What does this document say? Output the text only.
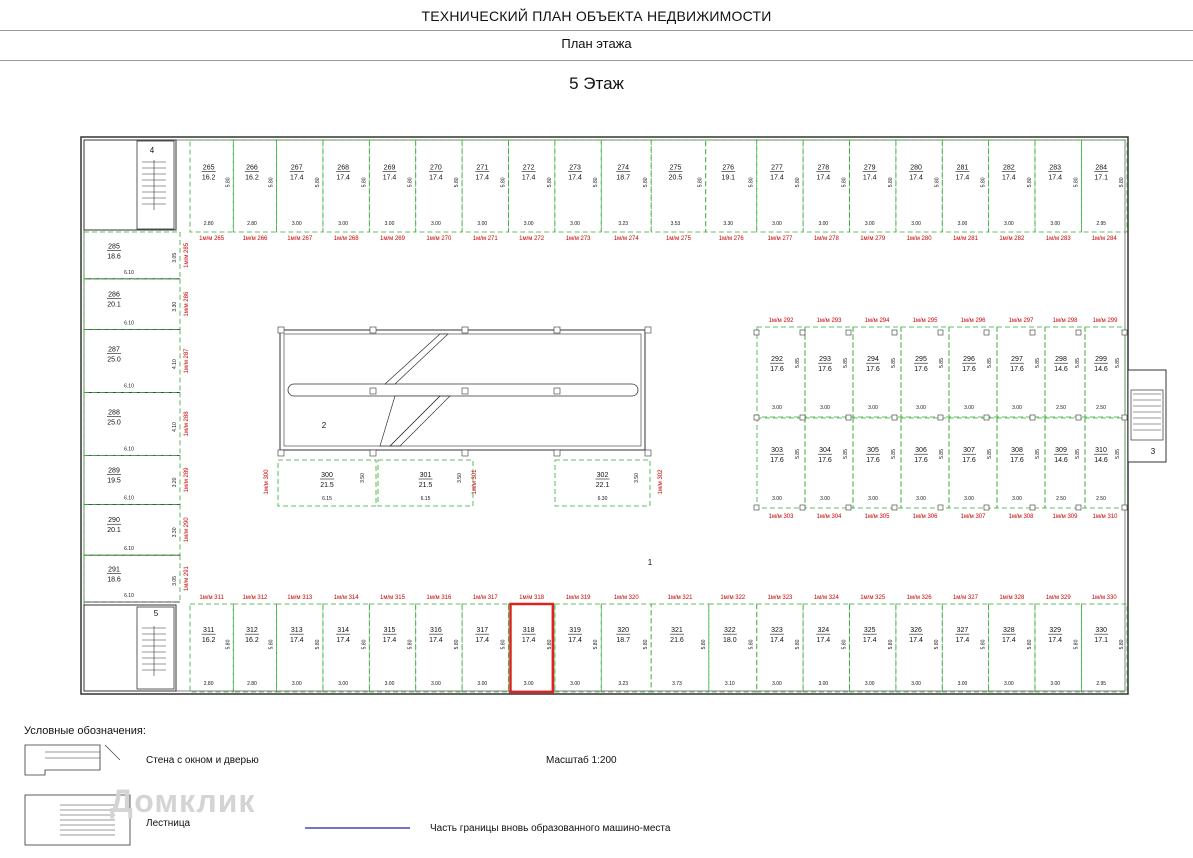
ТЕХНИЧЕСКИЙ ПЛАН ОБЪЕКТА НЕДВИЖИМОСТИ
План этажа
5 Этаж
4
5
3
265
16.2 5.80
2.80
1м/м 265
266
16.2 5.80
2.80
1м/м 266
267
17.4 5.80
3.00
1м/м 267
268
17.4 5.80
3.00
1м/м 268
269
17.4 5.80
3.00
1м/м 269
270
17.4 5.80
3.00
1м/м 270
271
17.4 5.80
3.00
1м/м 271
272
17.4 5.80
3.00
1м/м 272
273
17.4 5.80
3.00
1м/м 273
274
18.7	5.80
3.23
1м/м 274
275
20.5	5.80
3.53
1м/м 275
276
19.1	5.80
3.30
1м/м 276
277
17.4 5.80
3.00
1м/м 277
278
17.4 5.80
3.00
1м/м 278
279
17.4 5.80
3.00
1м/м 279
280
17.4 5.80
3.00
1м/м 280
281
17.4 5.80
3.00
1м/м 281
282
17.4 5.80
3.00
1м/м 282
283
17.4 5.80
3.00
1м/м 283
284
17.1 5.80
2.95
1м/м 284
311
16.2 5.80
2.80
1м/м 311
312
16.2 5.80
2.80
1м/м 312
313
17.4 5.80
3.00
1м/м 313
314
17.4 5.80
3.00
1м/м 314
315
17.4 5.80
3.00
1м/м 315
316
17.4 5.80
3.00
1м/м 316
317
17.4 5.80
3.00
1м/м 317
318
17.4 5.80
3.00
1м/м 318
319
17.4 5.80
3.00
1м/м 319
320
18.7	5.80
3.23
1м/м 320
321
21.6	5.80
3.73
1м/м 321
322
18.0 5.80
3.10
1м/м 322
323
17.4 5.80
3.00
1м/м 323
324
17.4 5.80
3.00
1м/м 324
325
17.4 5.80
3.00
1м/м 325
326
17.4 5.80
3.00
1м/м 326
327
17.4 5.80
3.00
1м/м 327
328
17.4 5.80
3.00
1м/м 328
329
17.4 5.80
3.00
1м/м 329
330
17.1 5.80
2.95
1м/м 330
285
18.6
6.10
3.05 1м/м 285
286
20.1
6.10
3.30 1м/м 286
287
25.0
6.10
4.10 1м/м 287
288
25.0
6.10
4.10 1м/м 288
289
19.5
6.10
3.20 1м/м 289
290
20.1
6.10
3.30 1м/м 290
291
18.6
6.10
3.05 1м/м 291
292
17.6
5.85
3.00
1м/м 292
293
17.6
5.85
3.00
1м/м 293
294
17.6
5.85
3.00
1м/м 294
295
17.6
5.85
3.00
1м/м 295
296
17.6
5.85
3.00
1м/м 296
297
17.6
5.85
3.00
1м/м 297
298
14.6
5.85
2.50
1м/м 298
299
14.6
5.85
2.50
1м/м 299
303
17.6
5.85
3.00
1м/м 303
304
17.6
5.85
3.00
1м/м 304
305
17.6
5.85
3.00
1м/м 305
306
17.6
5.85
3.00
1м/м 306
307
17.6
5.85
3.00
1м/м 307
308
17.6
5.85
3.00
1м/м 308
309
14.6
5.85
2.50
1м/м 309
310
14.6
5.85
2.50
1м/м 310
2
300
21.5
3.50
6.15
301
21.5
3.50
6.15
302
22.1
3.50
6.30
1м/м 300	1м/м 301	1м/м 302
1
Домклик
Условные обозначения:
Стена с окном и дверью
Лестница
Масштаб 1:200
Часть границы вновь образованного машино-места
